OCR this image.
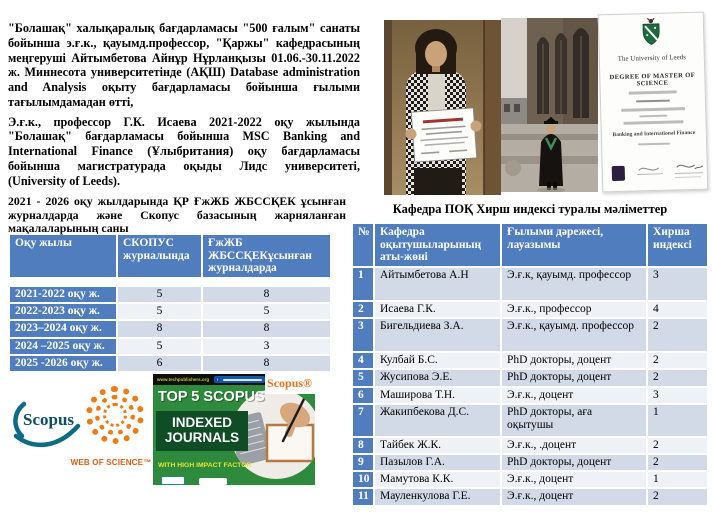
"Болашақ" халықаралық бағдарламасы "500 ғалым" санаты бойынша э.ғ.к., қауымд.профессор, "Қаржы" кафедрасының меңгеруші Айтымбетова Айнұр Нұрланқызы 01.06.-30.11.2022 ж. Миннесота университетінде (АҚШ) Database administration and Analysis оқыту бағдарламасы бойынша ғылыми тағылымдамадан өтті,

Э.ғ.к., профессор Г.К. Исаева 2021-2022 оқу жылында "Болашақ" бағдарламасы бойынша MSC Banking and International Finance (Ұлыбритания) оқу бағдарламасы бойынша магистратурада оқыды Лидс университеті, (University of Leeds).

2021 - 2026 оқу жылдарында ҚР ҒжЖБ ЖБССҚЕК ұсынған журналдарда және Скопус базасының жарняланған мақалаларының саны
Оқу жылы	СКОПУС журналында	ҒжЖБ ЖБССҚЕКұсынған журналдарда

2021-2022 оқу ж.	5	8
2022-2023 оқу ж.	5	5
2023–2024 оқу ж.	8	8
2024 –2025 оқу ж.	5	3
2025 -2026 оқу ж.	6	8
Scopus
WEB OF SCIENCE™
www.techpublishers.org	f	Scopus®
TOP 5 SCOPUS
INDEXED JOURNALS
WITH HIGH IMPACT FACTOR
The University of Leeds
DEGREE OF MASTER OF SCIENCE
Banking and International Finance
Кафедра ПОҚ Хирш индексі туралы мәліметтер
№	Кафедра оқытушыларының аты-жөні	Ғылыми дәрежесі, лауазымы	Хирша индексі
1	Айтымбетова А.Н	Э.ғ.к, қауымд. профессор	3
2	Исаева Г.К.	Э.ғ.к., профессор	4
3	Бигельдиева З.А.	Э.ғ.к., қауымд. профессор	2
4	Кулбай Б.С.	PhD докторы, доцент	2
5	Жусипова Э.Е.	PhD докторы, доцент	2
6	Маширова Т.Н.	Э.ғ.к., доцент	3
7	Жакипбекова Д.С.	PhD докторы, аға оқытушы	1
8	Тайбек Ж.К.	Э.ғ.к., .доцент	2
9	Пазылов Г.А.	PhD докторы, доцент	2
10	Мамутова К.К.	Э.ғ.к., доцент	1
11	Мауленкулова Г.Е.	Э.ғ.к., доцент	2
